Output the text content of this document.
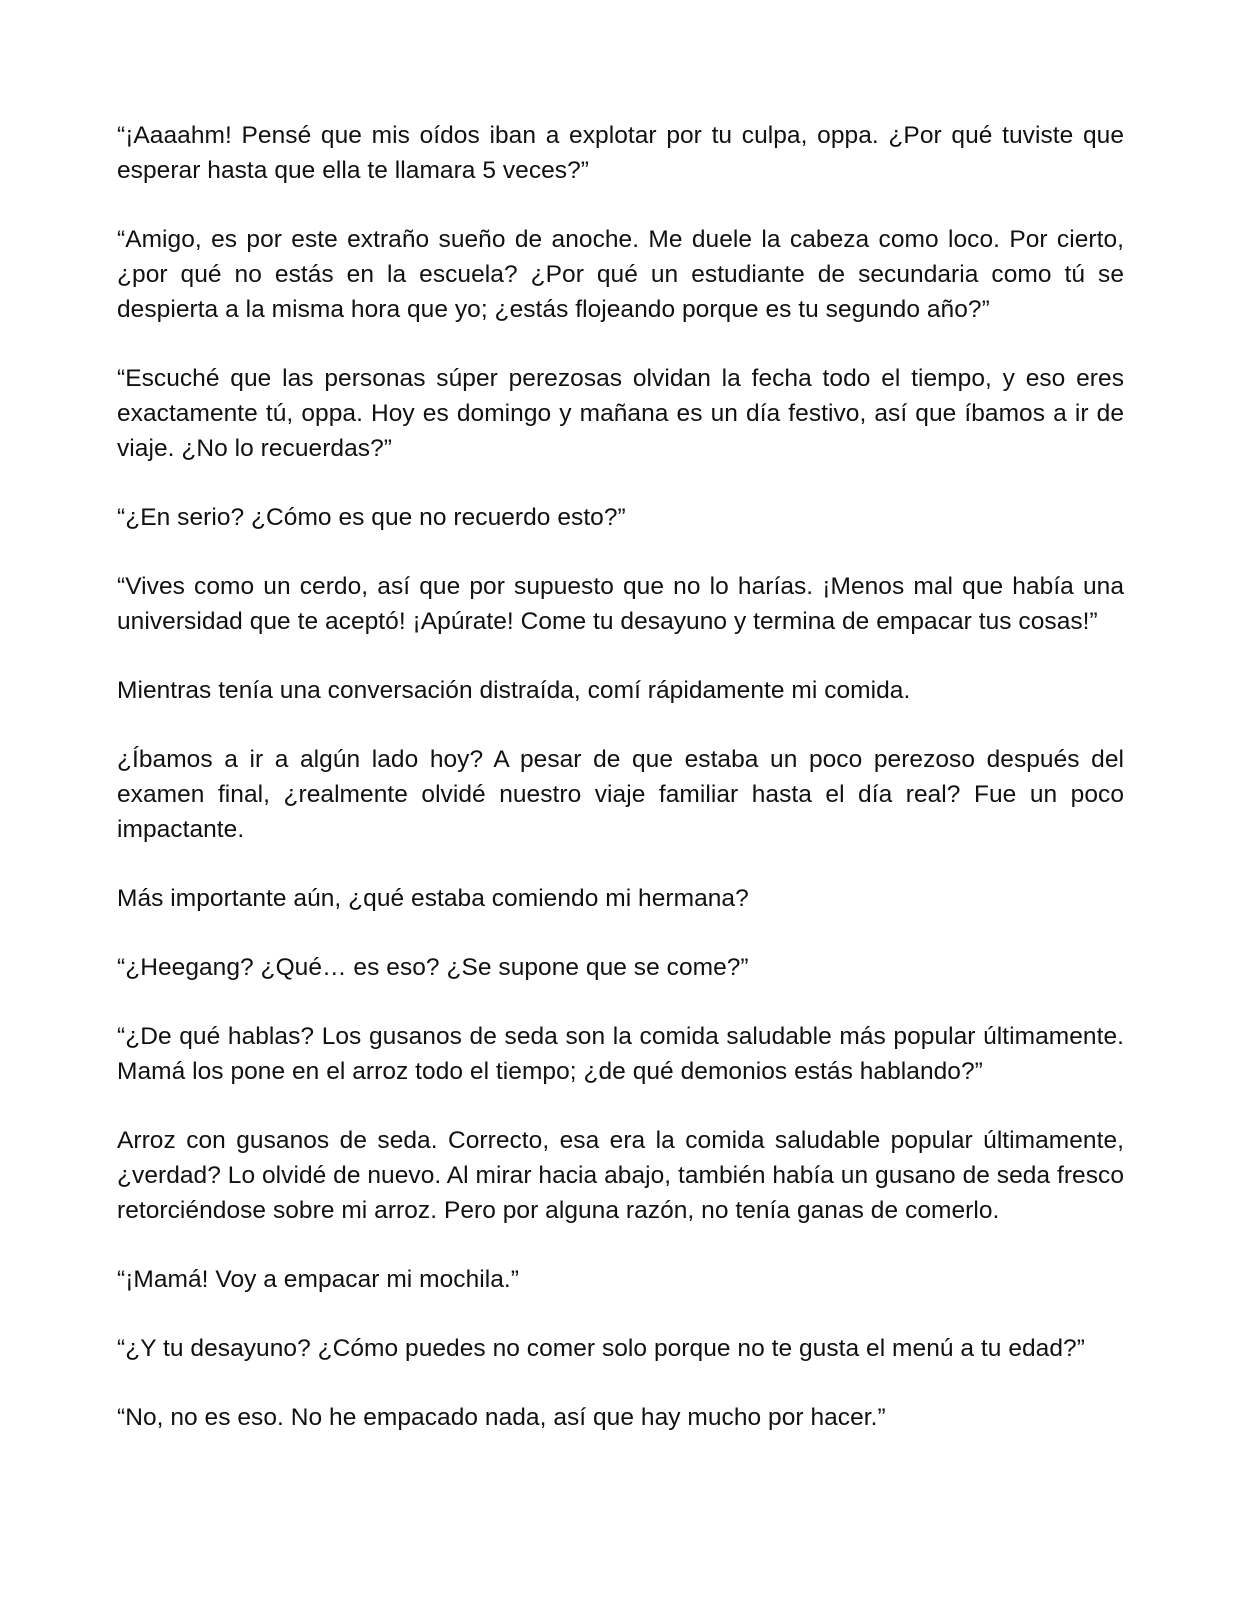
“¡Aaaahm! Pensé que mis oídos iban a explotar por tu culpa, oppa. ¿Por qué tuviste que esperar hasta que ella te llamara 5 veces?”

“Amigo, es por este extraño sueño de anoche. Me duele la cabeza como loco. Por cierto, ¿por qué no estás en la escuela? ¿Por qué un estudiante de secundaria como tú se despierta a la misma hora que yo; ¿estás flojeando porque es tu segundo año?”

“Escuché que las personas súper perezosas olvidan la fecha todo el tiempo, y eso eres exactamente tú, oppa. Hoy es domingo y mañana es un día festivo, así que íbamos a ir de viaje. ¿No lo recuerdas?”

“¿En serio? ¿Cómo es que no recuerdo esto?”

“Vives como un cerdo, así que por supuesto que no lo harías. ¡Menos mal que había una universidad que te aceptó! ¡Apúrate! Come tu desayuno y termina de empacar tus cosas!”

Mientras tenía una conversación distraída, comí rápidamente mi comida.

¿Íbamos a ir a algún lado hoy? A pesar de que estaba un poco perezoso después del examen final, ¿realmente olvidé nuestro viaje familiar hasta el día real? Fue un poco impactante.

Más importante aún, ¿qué estaba comiendo mi hermana?

“¿Heegang? ¿Qué… es eso? ¿Se supone que se come?”

“¿De qué hablas? Los gusanos de seda son la comida saludable más popular últimamente. Mamá los pone en el arroz todo el tiempo; ¿de qué demonios estás hablando?”

Arroz con gusanos de seda. Correcto, esa era la comida saludable popular últimamente, ¿verdad? Lo olvidé de nuevo. Al mirar hacia abajo, también había un gusano de seda fresco retorciéndose sobre mi arroz. Pero por alguna razón, no tenía ganas de comerlo.

“¡Mamá! Voy a empacar mi mochila.”

“¿Y tu desayuno? ¿Cómo puedes no comer solo porque no te gusta el menú a tu edad?”

“No, no es eso. No he empacado nada, así que hay mucho por hacer.”
